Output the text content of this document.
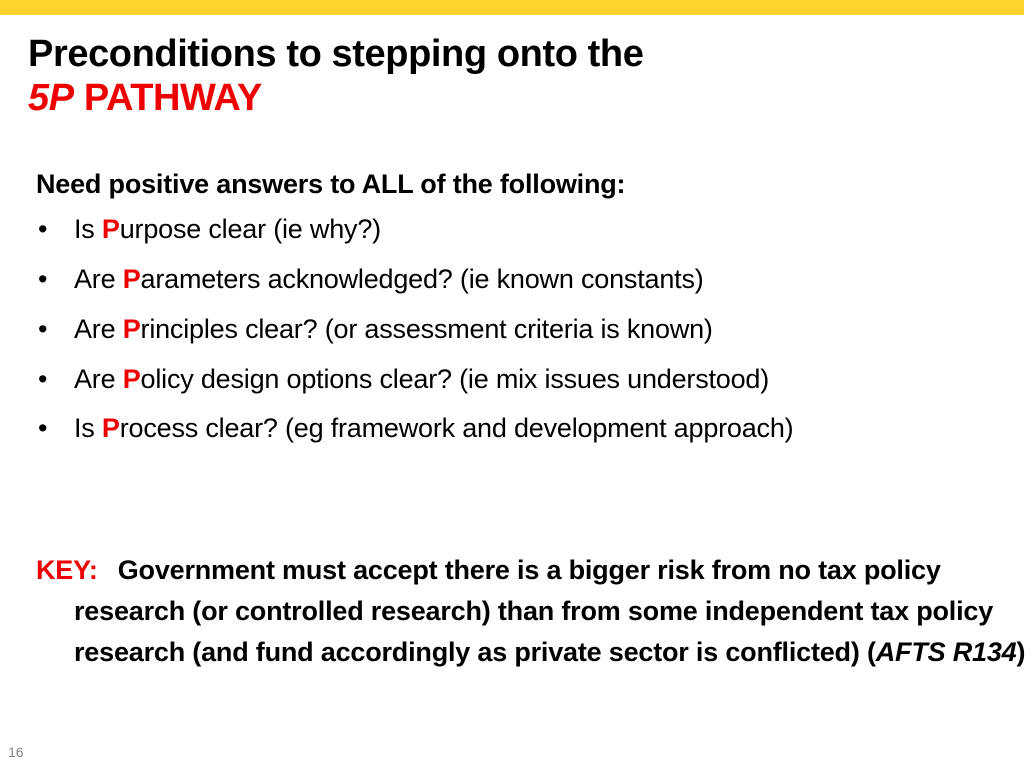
Preconditions to stepping onto the
5P PATHWAY

Need positive answers to ALL of the following:

• Is Purpose clear (ie why?)
• Are Parameters acknowledged? (ie known constants)
• Are Principles clear? (or assessment criteria is known)
• Are Policy design options clear? (ie mix issues understood)
• Is Process clear? (eg framework and development approach)
KEY: Government must accept there is a bigger risk from no tax policy research (or controlled research) than from some independent tax policy research (and fund accordingly as private sector is conflicted) (AFTS R134)
16
